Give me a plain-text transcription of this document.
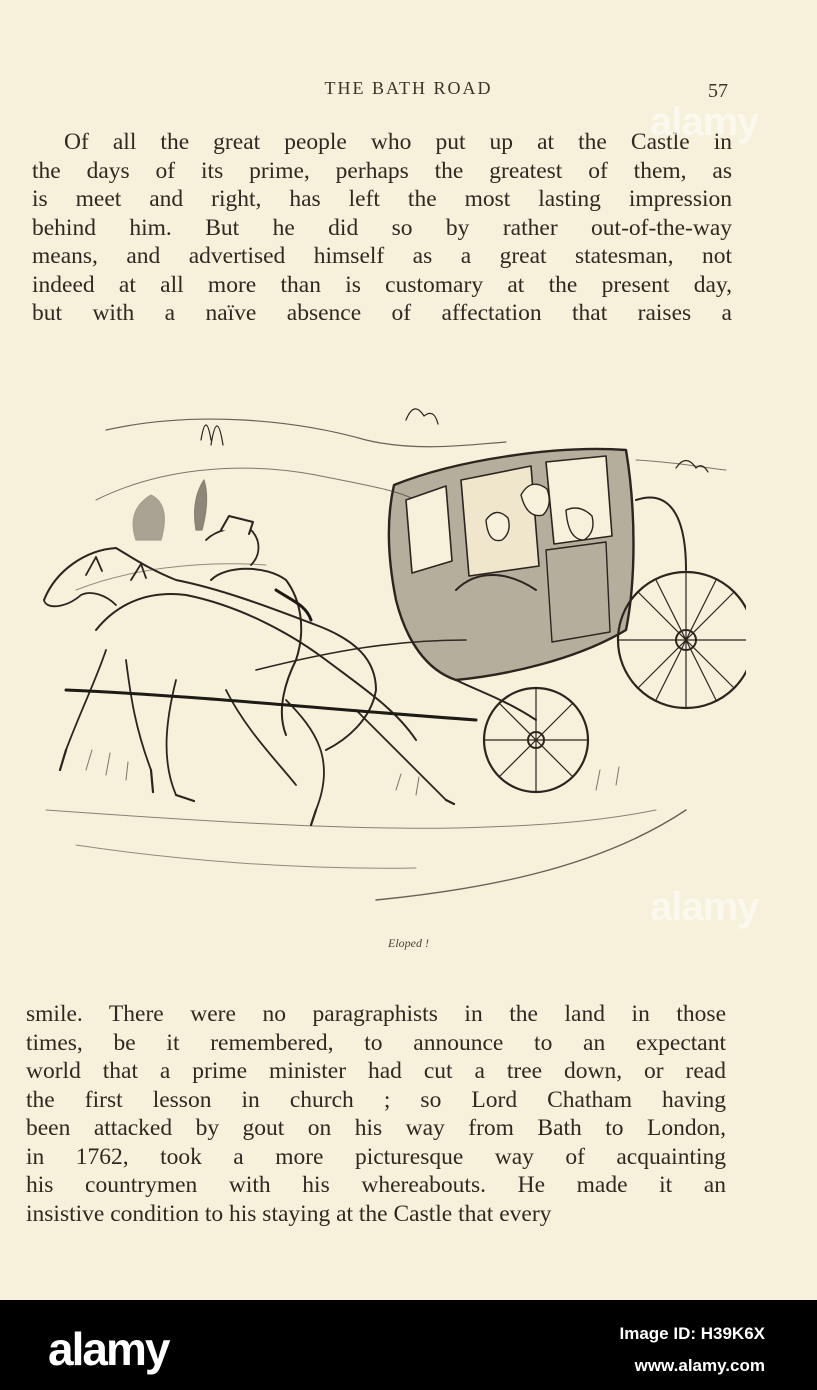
THE BATH ROAD	57

Of all the great people who put up at the Castle in
the days of its prime, perhaps the greatest of them, as
is meet and right, has left the most lasting impression
behind him. But he did so by rather out-of-the-way
means, and advertised himself as a great statesman, not
indeed at all more than is customary at the present day,
but with a naïve absence of affectation that raises a

Eloped !

smile. There were no paragraphists in the land in those
times, be it remembered, to announce to an expectant
world that a prime minister had cut a tree down, or read
the first lesson in church ; so Lord Chatham having
been attacked by gout on his way from Bath to London,
in 1762, took a more picturesque way of acquainting
his countrymen with his whereabouts. He made it an
insistive condition to his staying at the Castle that every

alamy
alamy
alamy	Image ID: H39K6X
www.alamy.com
